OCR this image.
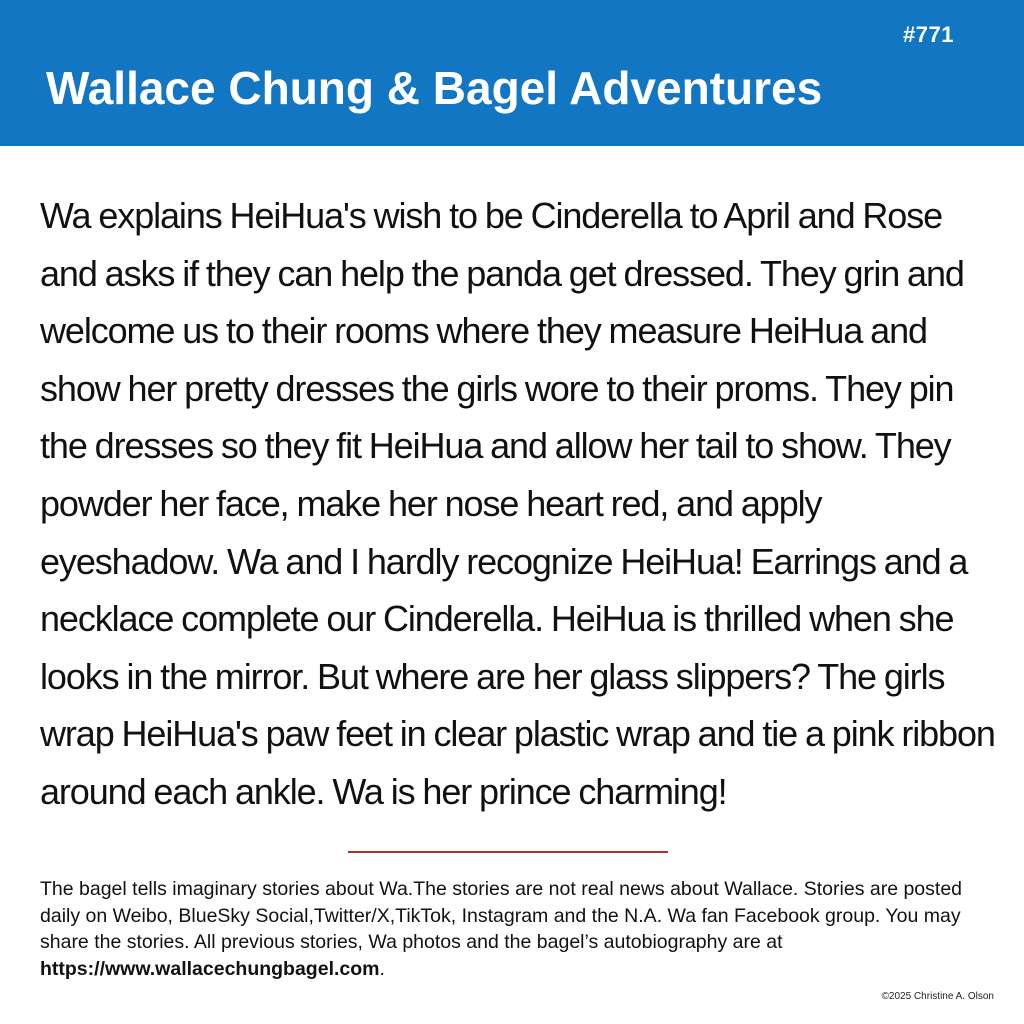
#771
Wallace Chung & Bagel Adventures

Wa explains HeiHua's wish to be Cinderella to April and Rose and asks if they can help the panda get dressed. They grin and welcome us to their rooms where they measure HeiHua and show her pretty dresses the girls wore to their proms. They pin the dresses so they fit HeiHua and allow her tail to show. They powder her face, make her nose heart red, and apply eyeshadow. Wa and I hardly recognize HeiHua! Earrings and a necklace complete our Cinderella. HeiHua is thrilled when she looks in the mirror. But where are her glass slippers? The girls wrap HeiHua's paw feet in clear plastic wrap and tie a pink ribbon around each ankle. Wa is her prince charming!

The bagel tells imaginary stories about Wa.The stories are not real news about Wallace. Stories are posted daily on Weibo, BlueSky Social,Twitter/X,TikTok, Instagram and the N.A. Wa fan Facebook group. You may share the stories. All previous stories, Wa photos and the bagel’s autobiography are at https://www.wallacechungbagel.com.

©2025 Christine A. Olson
